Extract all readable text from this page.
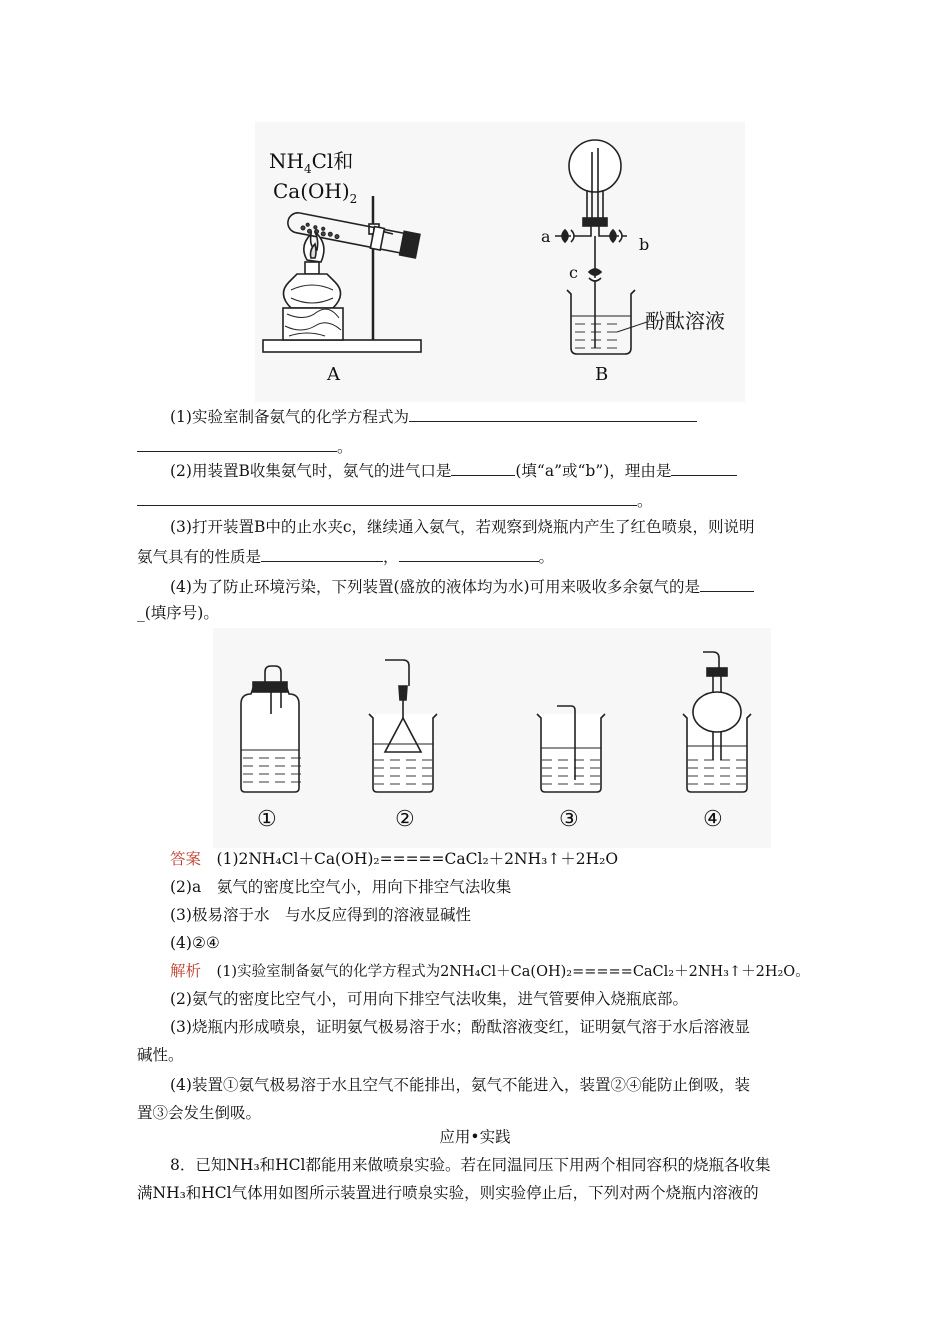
$NH_4Cl$和
$Ca(OH)_2$
A
a	b
c
酚酞溶液
B
(1)实验室制备氨气的化学方程式为
。
(2)用装置B收集氨气时，氨气的进气口是	(填“a”或“b”)，理由是
。
(3)打开装置B中的止水夹c，继续通入氨气，若观察到烧瓶内产生了红色喷泉，则说明
氨气具有的性质是	，	。
(4)为了防止环境污染，下列装置(盛放的液体均为水)可用来吸收多余氨气的是
_(填序号)。
①	②	③	④
答案　 (1)2NH₄Cl＋Ca(OH)₂=====CaCl₂＋2NH₃↑＋2H₂O
(2)a　氨气的密度比空气小，用向下排空气法收集
(3)极易溶于水　与水反应得到的溶液显碱性
(4)②④
解析　 (1)实验室制备氨气的化学方程式为2NH₄Cl＋Ca(OH)₂=====CaCl₂＋2NH₃↑＋2H₂O。
(2)氨气的密度比空气小，可用向下排空气法收集，进气管要伸入烧瓶底部。
(3)烧瓶内形成喷泉，证明氨气极易溶于水；酚酞溶液变红，证明氨气溶于水后溶液显
碱性。
(4)装置①氨气极易溶于水且空气不能排出，氨气不能进入，装置②④能防止倒吸，装
置③会发生倒吸。
应用•实践
8．已知NH₃和HCl都能用来做喷泉实验。若在同温同压下用两个相同容积的烧瓶各收集
满NH₃和HCl气体用如图所示装置进行喷泉实验，则实验停止后，下列对两个烧瓶内溶液的
